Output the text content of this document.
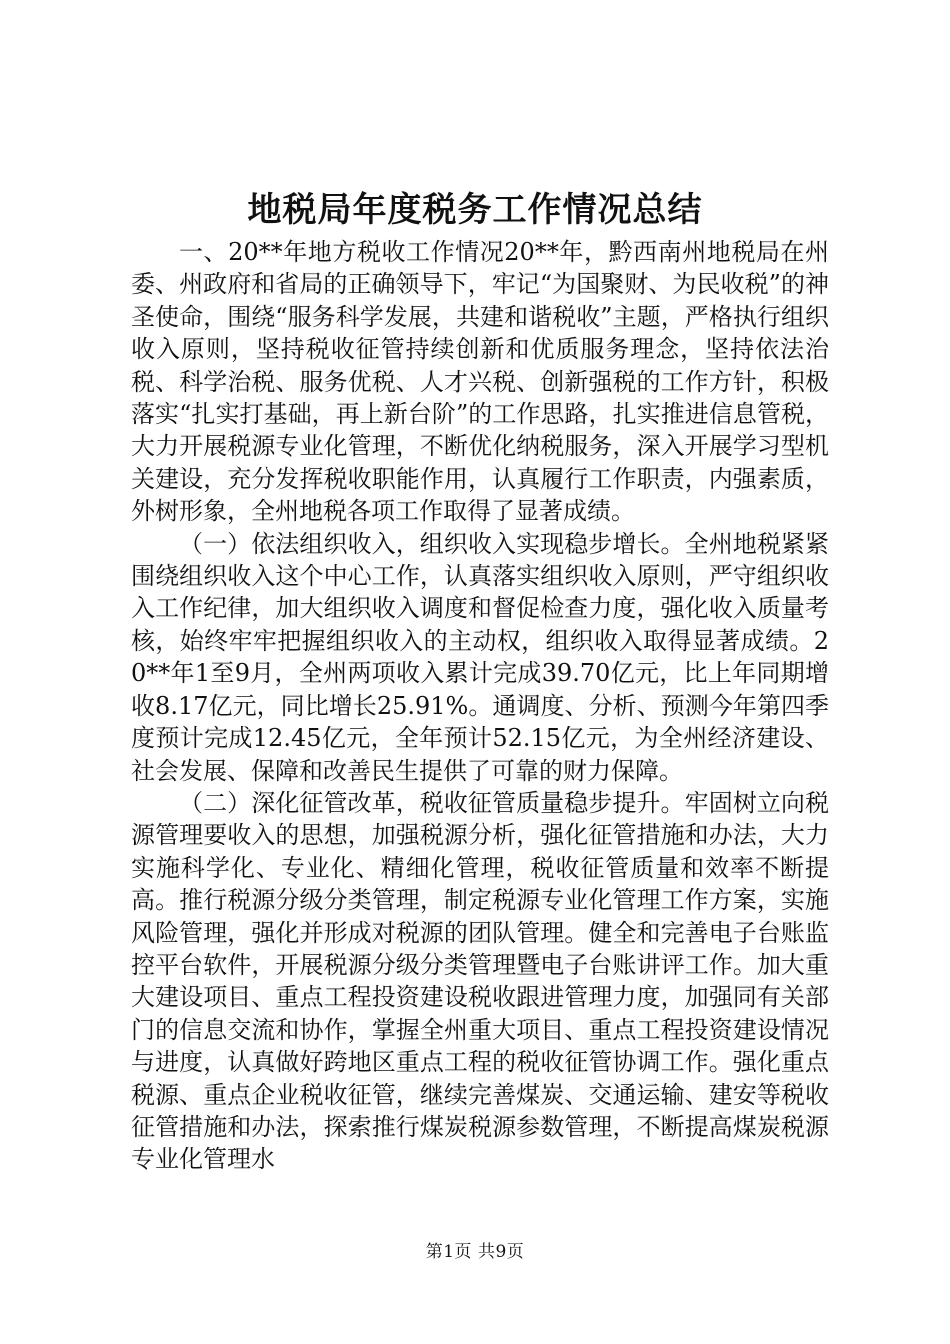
地税局年度税务工作情况总结

一、20**年地方税收工作情况20**年，黔西南州地税局在州委、州政府和省局的正确领导下，牢记“为国聚财、为民收税”的神圣使命，围绕“服务科学发展，共建和谐税收”主题，严格执行组织收入原则，坚持税收征管持续创新和优质服务理念，坚持依法治税、科学治税、服务优税、人才兴税、创新强税的工作方针，积极落实“扎实打基础，再上新台阶”的工作思路，扎实推进信息管税，大力开展税源专业化管理，不断优化纳税服务，深入开展学习型机关建设，充分发挥税收职能作用，认真履行工作职责，内强素质，外树形象，全州地税各项工作取得了显著成绩。

（一）依法组织收入，组织收入实现稳步增长。全州地税紧紧围绕组织收入这个中心工作，认真落实组织收入原则，严守组织收入工作纪律，加大组织收入调度和督促检查力度，强化收入质量考核，始终牢牢把握组织收入的主动权，组织收入取得显著成绩。20**年1至9月，全州两项收入累计完成39.70亿元，比上年同期增收8.17亿元，同比增长25.91%。通调度、分析、预测今年第四季度预计完成12.45亿元，全年预计52.15亿元，为全州经济建设、社会发展、保障和改善民生提供了可靠的财力保障。

（二）深化征管改革，税收征管质量稳步提升。牢固树立向税源管理要收入的思想，加强税源分析，强化征管措施和办法，大力实施科学化、专业化、精细化管理，税收征管质量和效率不断提高。推行税源分级分类管理，制定税源专业化管理工作方案，实施风险管理，强化并形成对税源的团队管理。健全和完善电子台账监控平台软件，开展税源分级分类管理暨电子台账讲评工作。加大重大建设项目、重点工程投资建设税收跟进管理力度，加强同有关部门的信息交流和协作，掌握全州重大项目、重点工程投资建设情况与进度，认真做好跨地区重点工程的税收征管协调工作。强化重点税源、重点企业税收征管，继续完善煤炭、交通运输、建安等税收征管措施和办法，探索推行煤炭税源参数管理，不断提高煤炭税源专业化管理水

第1页 共9页
